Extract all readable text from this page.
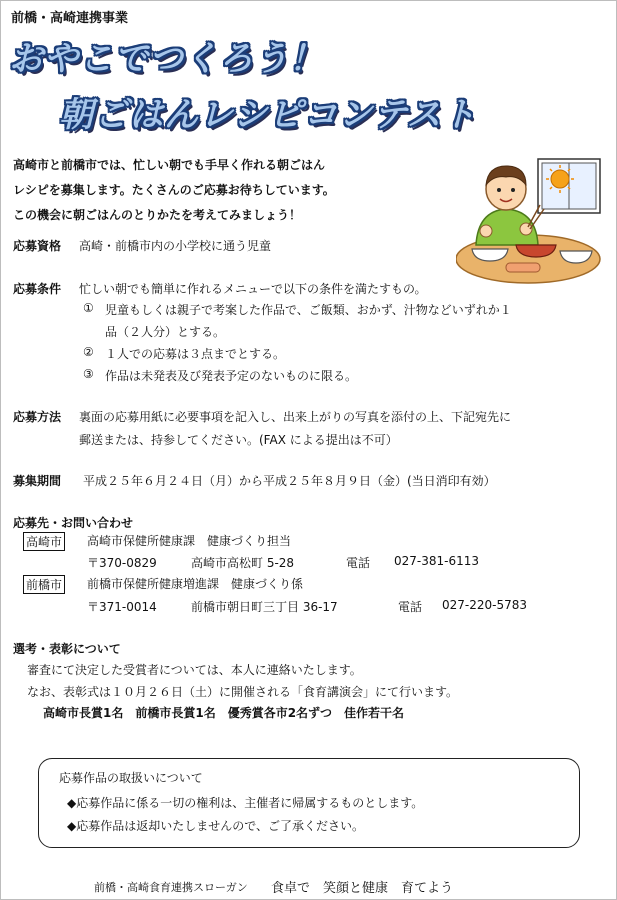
前橋・高崎連携事業
おやこでつくろう！
朝ごはんレシピコンテスト
高崎市と前橋市では、忙しい朝でも手早く作れる朝ごはん
レシピを募集します。たくさんのご応募お待ちしています。
この機会に朝ごはんのとりかたを考えてみましょう！
応募資格 高崎・前橋市内の小学校に通う児童
応募条件 忙しい朝でも簡単に作れるメニューで以下の条件を満たすもの。
① 児童もしくは親子で考案した作品で、ご飯類、おかず、汁物などいずれか１
品（２人分）とする。
② １人での応募は３点までとする。
③ 作品は未発表及び発表予定のないものに限る。
応募方法 裏面の応募用紙に必要事項を記入し、出来上がりの写真を添付の上、下記宛先に
郵送または、持参してください。(FAX による提出は不可）
募集期間 平成２５年６月２４日（月）から平成２５年８月９日（金）(当日消印有効）
応募先・お問い合わせ
高崎市 高崎市保健所健康課　健康づくり担当
〒370-0829	高崎市高松町 5-28	電話 027-381-6113
前橋市 前橋市保健所健康増進課　健康づくり係
〒371-0014	前橋市朝日町三丁目 36-17	電話 027-220-5783
選考・表彰について
審査にて決定した受賞者については、本人に連絡いたします。
なお、表彰式は１０月２６日（土）に開催される「食育講演会」にて行います。
高崎市長賞1名　前橋市長賞1名　優秀賞各市2名ずつ　佳作若干名
応募作品の取扱いについて
◆応募作品に係る一切の権利は、主催者に帰属するものとします。
◆応募作品は返却いたしませんので、ご了承ください。
前橋・高崎食育連携スローガン 食卓で　笑顔と健康　育てよう
